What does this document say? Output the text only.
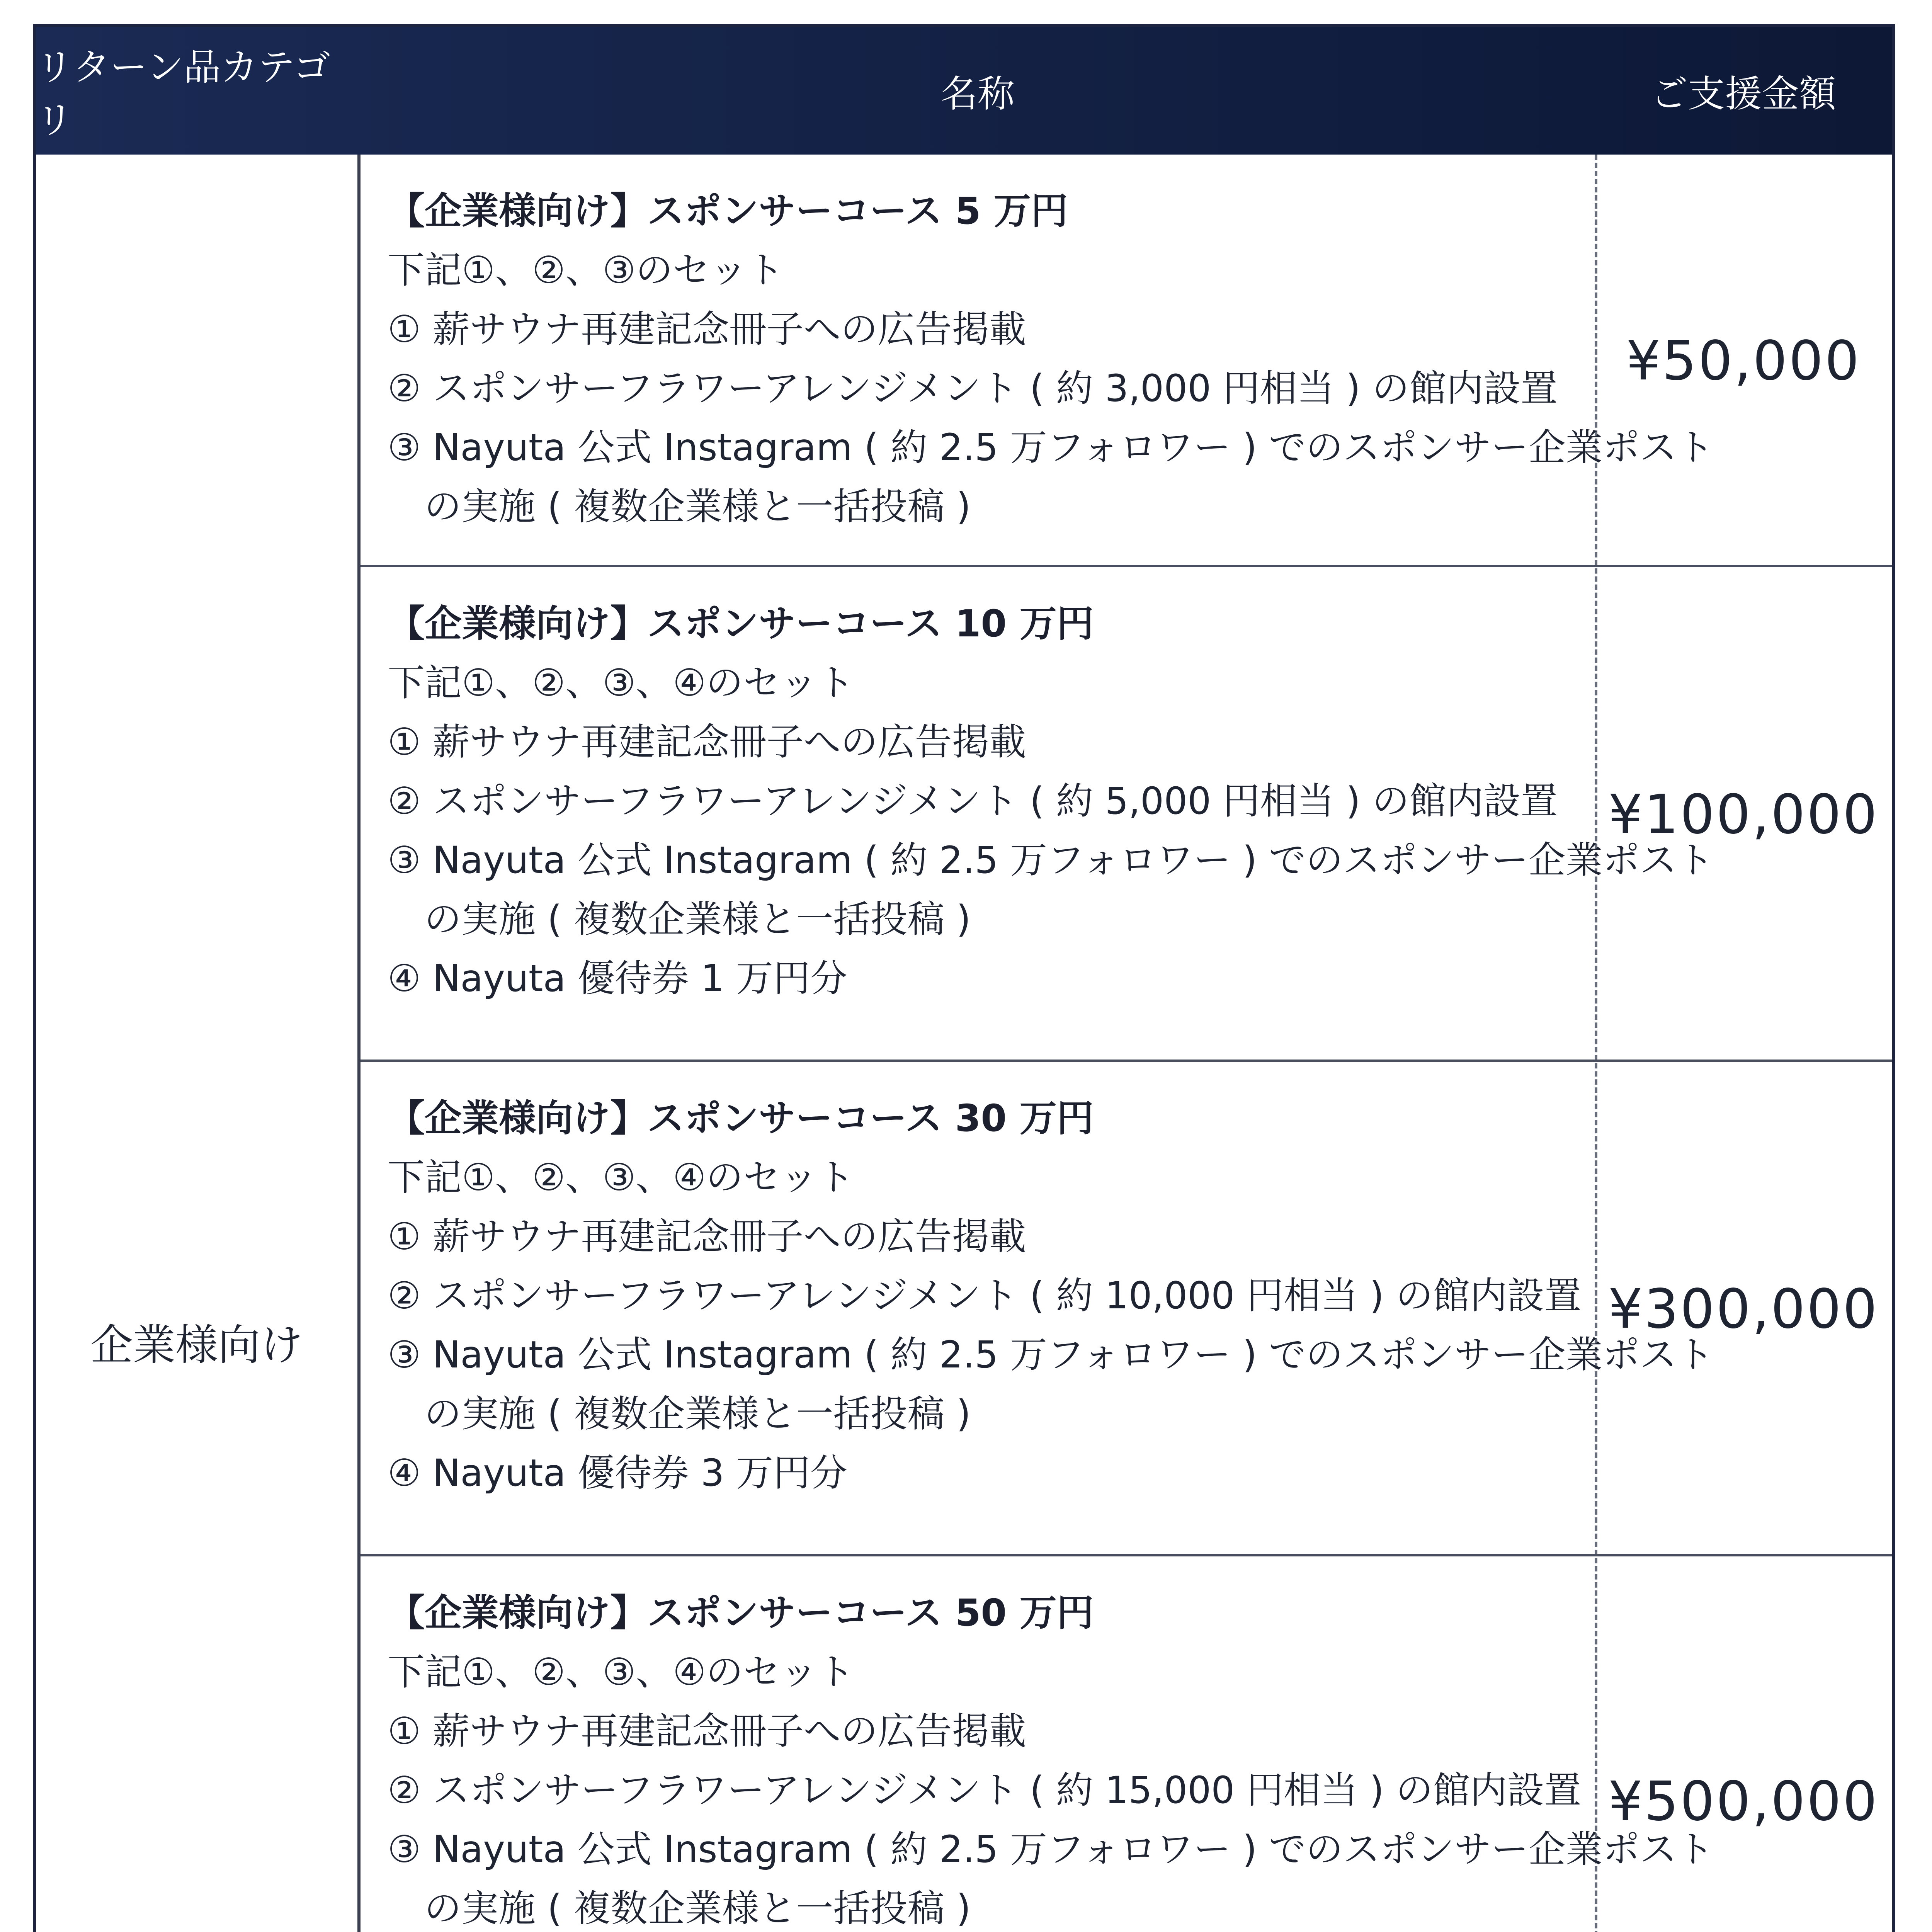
リターン品カテゴリ
名称	ご支援金額
企業様向け
【企業様向け】スポンサーコース 5 万円
下記①、②、③のセット
① 薪サウナ再建記念冊子への広告掲載
② スポンサーフラワーアレンジメント ( 約 3,000 円相当 ) の館内設置
③ Nayuta 公式 Instagram ( 約 2.5 万フォロワー ) でのスポンサー企業ポスト
の実施 ( 複数企業様と一括投稿 )
¥50,000
【企業様向け】スポンサーコース 10 万円
下記①、②、③、④のセット
① 薪サウナ再建記念冊子への広告掲載
② スポンサーフラワーアレンジメント ( 約 5,000 円相当 ) の館内設置
③ Nayuta 公式 Instagram ( 約 2.5 万フォロワー ) でのスポンサー企業ポスト
の実施 ( 複数企業様と一括投稿 )
④ Nayuta 優待券 1 万円分
¥100,000
【企業様向け】スポンサーコース 30 万円
下記①、②、③、④のセット
① 薪サウナ再建記念冊子への広告掲載
② スポンサーフラワーアレンジメント ( 約 10,000 円相当 ) の館内設置
③ Nayuta 公式 Instagram ( 約 2.5 万フォロワー ) でのスポンサー企業ポスト
の実施 ( 複数企業様と一括投稿 )
④ Nayuta 優待券 3 万円分
¥300,000
【企業様向け】スポンサーコース 50 万円
下記①、②、③、④のセット
① 薪サウナ再建記念冊子への広告掲載
② スポンサーフラワーアレンジメント ( 約 15,000 円相当 ) の館内設置
③ Nayuta 公式 Instagram ( 約 2.5 万フォロワー ) でのスポンサー企業ポスト
の実施 ( 複数企業様と一括投稿 )
¥500,000
